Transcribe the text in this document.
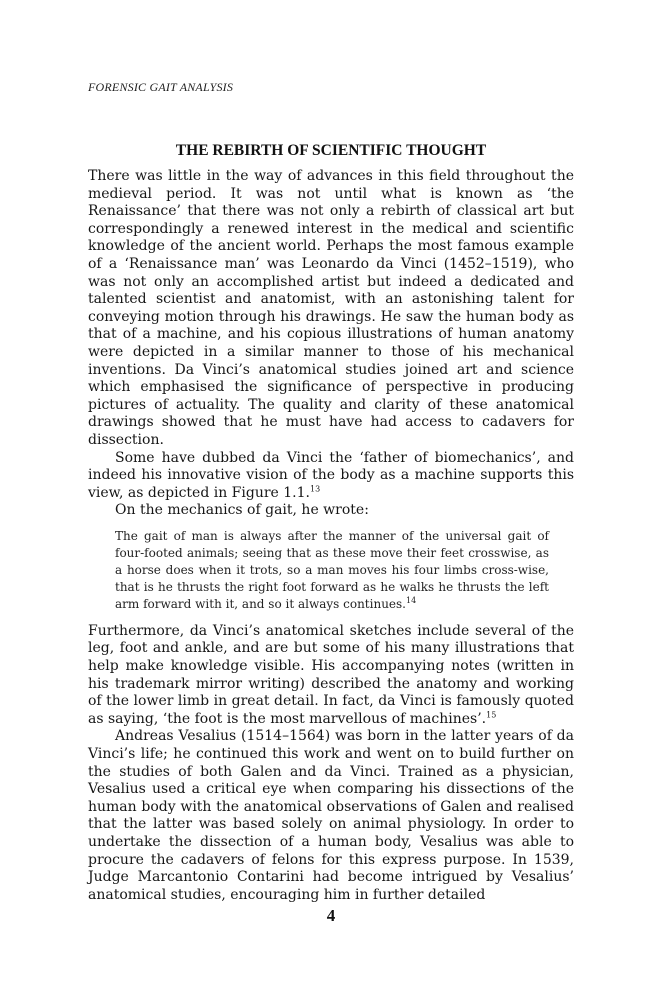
FORENSIC GAIT ANALYSIS
THE REBIRTH OF SCIENTIFIC THOUGHT

There was little in the way of advances in this field throughout the medieval period. It was not until what is known as ‘the Renaissance’ that there was not only a rebirth of classical art but correspondingly a renewed interest in the medical and scientific knowledge of the ancient world. Perhaps the most famous example of a ‘Renaissance man’ was Leonardo da Vinci (1452–1519), who was not only an accomplished artist but indeed a dedicated and talented scientist and anatomist, with an astonishing talent for conveying motion through his drawings. He saw the human body as that of a machine, and his copious illustrations of human anatomy were depicted in a similar manner to those of his mechanical inventions. Da Vinci’s anatomical studies joined art and science which emphasised the significance of perspective in producing pictures of actuality. The quality and clarity of these anatomical drawings showed that he must have had access to cadavers for dissection.

Some have dubbed da Vinci the ‘father of biomechanics’, and indeed his innovative vision of the body as a machine supports this view, as depicted in Figure 1.1.13

On the mechanics of gait, he wrote:

The gait of man is always after the manner of the universal gait of four-footed animals; seeing that as these move their feet crosswise, as a horse does when it trots, so a man moves his four limbs cross-wise, that is he thrusts the right foot forward as he walks he thrusts the left arm forward with it, and so it always continues.$^{14}$

Furthermore, da Vinci’s anatomical sketches include several of the leg, foot and ankle, and are but some of his many illustrations that help make knowledge visible. His accompanying notes (written in his trademark mirror writing) described the anatomy and working of the lower limb in great detail. In fact, da Vinci is famously quoted as saying, ‘the foot is the most marvellous of machines’.$^{15}$

Andreas Vesalius (1514–1564) was born in the latter years of da Vinci’s life; he continued this work and went on to build further on the studies of both Galen and da Vinci. Trained as a physician, Vesalius used a critical eye when comparing his dissections of the human body with the anatomical observations of Galen and realised that the latter was based solely on animal physiology. In order to undertake the dissection of a human body, Vesalius was able to procure the cadavers of felons for this express purpose. In 1539, Judge Marcantonio Contarini had become intrigued by Vesalius’ anatomical studies, encouraging him in further detailed

4
